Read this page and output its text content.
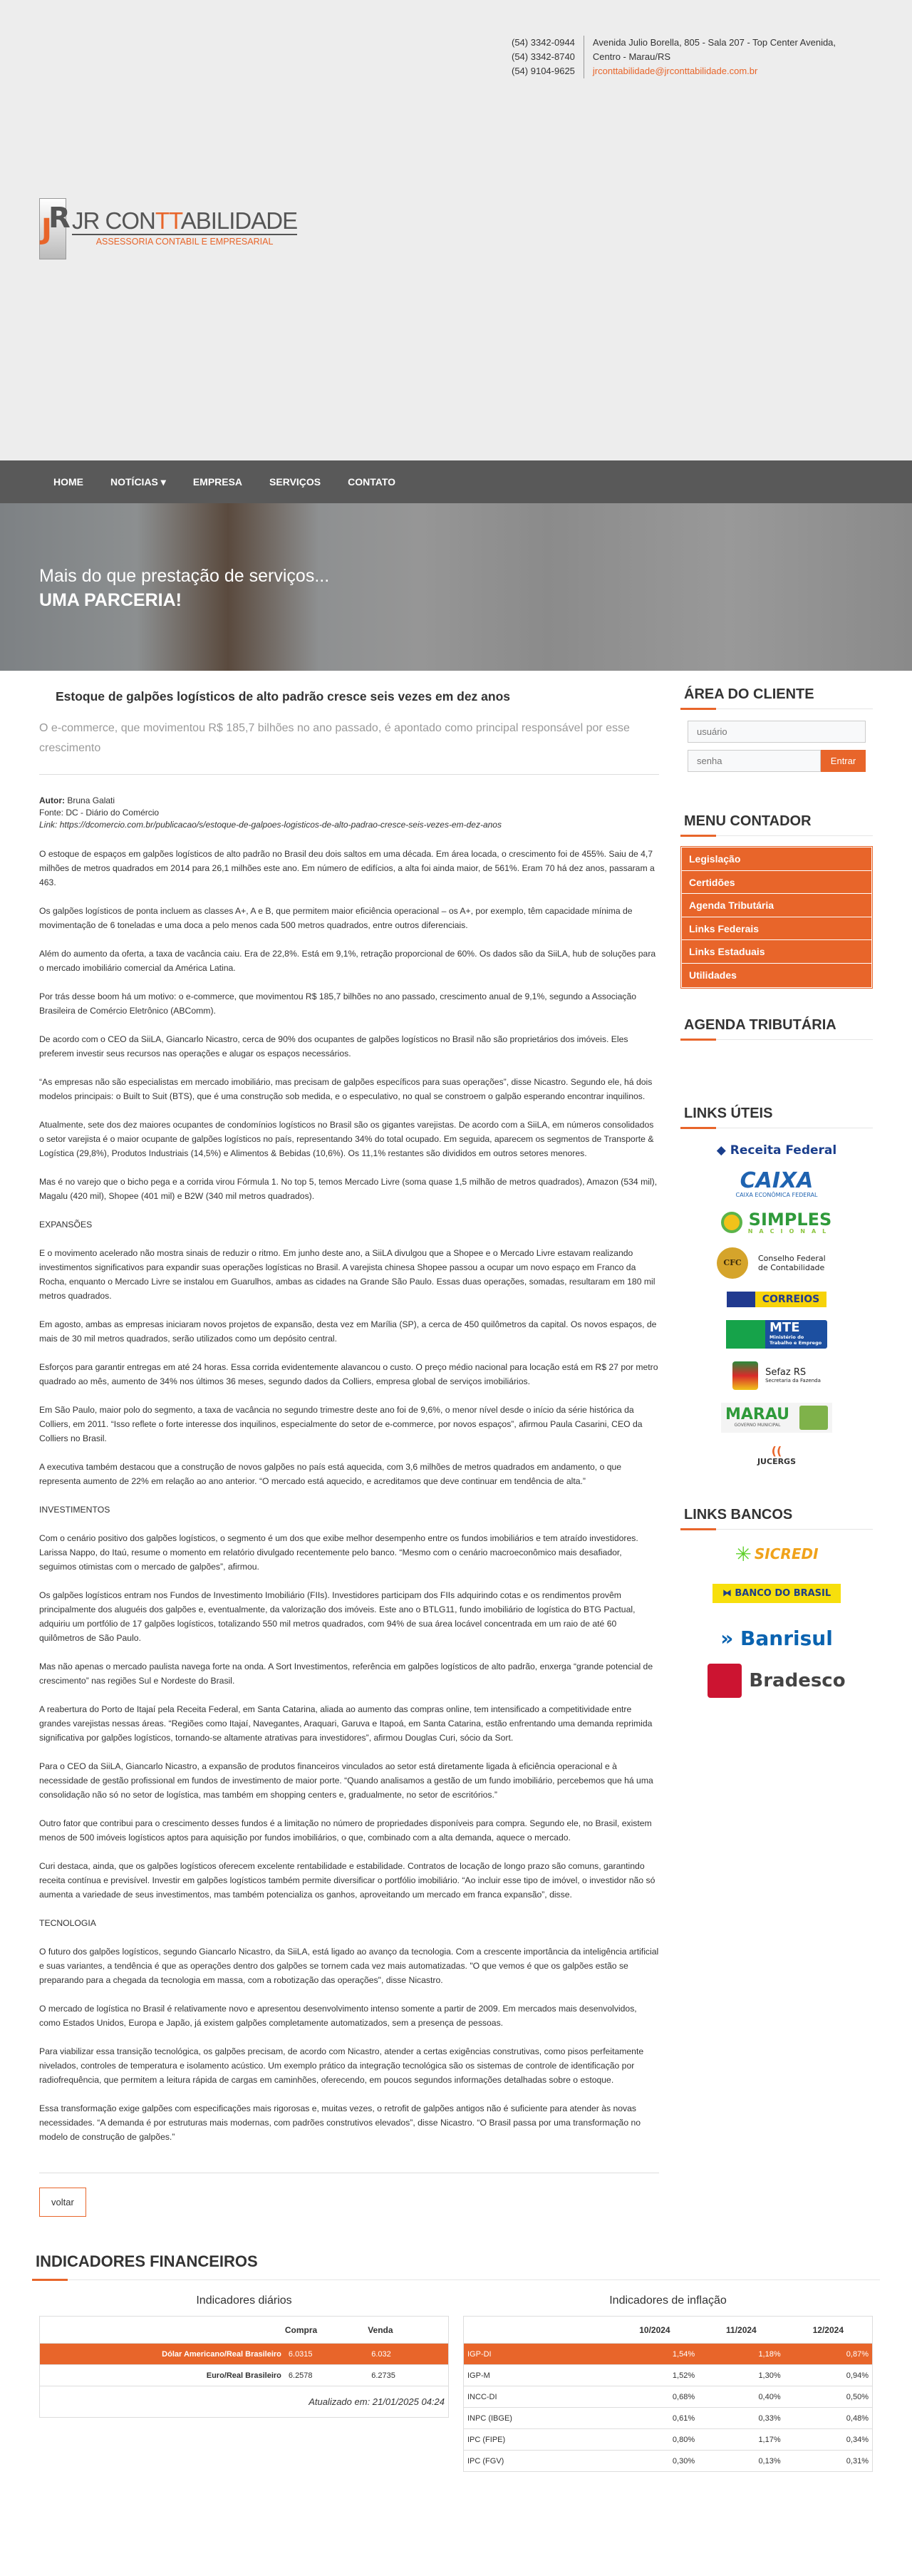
(54) 3342-0944
(54) 3342-8740
(54) 9104-9625
Avenida Julio Borella, 805 - Sala 207 - Top Center Avenida,
Centro - Marau/RS
jrconttabilidade@jrconttabilidade.com.br
R
J JR CONTTABILIDADE
ASSESSORIA CONTABIL E EMPRESARIAL
HOME	NOTÍCIAS ▾	EMPRESA	SERVIÇOS	CONTATO
Mais do que prestação de serviços...
UMA PARCERIA!
Estoque de galpões logísticos de alto padrão cresce seis vezes em dez anos

O e-commerce, que movimentou R$ 185,7 bilhões no ano passado, é apontado como principal responsável por esse crescimento

Autor: Bruna Galati
Fonte: DC - Diário do Comércio
Link: https://dcomercio.com.br/publicacao/s/estoque-de-galpoes-logisticos-de-alto-padrao-cresce-seis-vezes-em-dez-anos

O estoque de espaços em galpões logísticos de alto padrão no Brasil deu dois saltos em uma década. Em área locada, o crescimento foi de 455%. Saiu de 4,7 milhões de metros quadrados em 2014 para 26,1 milhões este ano. Em número de edifícios, a alta foi ainda maior, de 561%. Eram 70 há dez anos, passaram a 463.

Os galpões logísticos de ponta incluem as classes A+, A e B, que permitem maior eficiência operacional – os A+, por exemplo, têm capacidade mínima de movimentação de 6 toneladas e uma doca a pelo menos cada 500 metros quadrados, entre outros diferenciais.

Além do aumento da oferta, a taxa de vacância caiu. Era de 22,8%. Está em 9,1%, retração proporcional de 60%. Os dados são da SiiLA, hub de soluções para o mercado imobiliário comercial da América Latina.

Por trás desse boom há um motivo: o e-commerce, que movimentou R$ 185,7 bilhões no ano passado, crescimento anual de 9,1%, segundo a Associação Brasileira de Comércio Eletrônico (ABComm).

De acordo com o CEO da SiiLA, Giancarlo Nicastro, cerca de 90% dos ocupantes de galpões logísticos no Brasil não são proprietários dos imóveis. Eles preferem investir seus recursos nas operações e alugar os espaços necessários.

“As empresas não são especialistas em mercado imobiliário, mas precisam de galpões específicos para suas operações”, disse Nicastro. Segundo ele, há dois modelos principais: o Built to Suit (BTS), que é uma construção sob medida, e o especulativo, no qual se constroem o galpão esperando encontrar inquilinos.

Atualmente, sete dos dez maiores ocupantes de condomínios logísticos no Brasil são os gigantes varejistas. De acordo com a SiiLA, em números consolidados o setor varejista é o maior ocupante de galpões logísticos no país, representando 34% do total ocupado. Em seguida, aparecem os segmentos de Transporte & Logística (29,8%), Produtos Industriais (14,5%) e Alimentos & Bebidas (10,6%). Os 11,1% restantes são divididos em outros setores menores.

Mas é no varejo que o bicho pega e a corrida virou Fórmula 1. No top 5, temos Mercado Livre (soma quase 1,5 milhão de metros quadrados), Amazon (534 mil), Magalu (420 mil), Shopee (401 mil) e B2W (340 mil metros quadrados).

EXPANSÕES

E o movimento acelerado não mostra sinais de reduzir o ritmo. Em junho deste ano, a SiiLA divulgou que a Shopee e o Mercado Livre estavam realizando investimentos significativos para expandir suas operações logísticas no Brasil. A varejista chinesa Shopee passou a ocupar um novo espaço em Franco da Rocha, enquanto o Mercado Livre se instalou em Guarulhos, ambas as cidades na Grande São Paulo. Essas duas operações, somadas, resultaram em 180 mil metros quadrados.

Em agosto, ambas as empresas iniciaram novos projetos de expansão, desta vez em Marília (SP), a cerca de 450 quilômetros da capital. Os novos espaços, de mais de 30 mil metros quadrados, serão utilizados como um depósito central.

Esforços para garantir entregas em até 24 horas. Essa corrida evidentemente alavancou o custo. O preço médio nacional para locação está em R$ 27 por metro quadrado ao mês, aumento de 34% nos últimos 36 meses, segundo dados da Colliers, empresa global de serviços imobiliários.

Em São Paulo, maior polo do segmento, a taxa de vacância no segundo trimestre deste ano foi de 9,6%, o menor nível desde o início da série histórica da Colliers, em 2011. “Isso reflete o forte interesse dos inquilinos, especialmente do setor de e-commerce, por novos espaços”, afirmou Paula Casarini, CEO da Colliers no Brasil.

A executiva também destacou que a construção de novos galpões no país está aquecida, com 3,6 milhões de metros quadrados em andamento, o que representa aumento de 22% em relação ao ano anterior. “O mercado está aquecido, e acreditamos que deve continuar em tendência de alta.”

INVESTIMENTOS

Com o cenário positivo dos galpões logísticos, o segmento é um dos que exibe melhor desempenho entre os fundos imobiliários e tem atraído investidores. Larissa Nappo, do Itaú, resume o momento em relatório divulgado recentemente pelo banco. “Mesmo com o cenário macroeconômico mais desafiador, seguimos otimistas com o mercado de galpões”, afirmou.

Os galpões logísticos entram nos Fundos de Investimento Imobiliário (FIIs). Investidores participam dos FIIs adquirindo cotas e os rendimentos provêm principalmente dos aluguéis dos galpões e, eventualmente, da valorização dos imóveis. Este ano o BTLG11, fundo imobiliário de logística do BTG Pactual, adquiriu um portfólio de 17 galpões logísticos, totalizando 550 mil metros quadrados, com 94% de sua área locável concentrada em um raio de até 60 quilômetros de São Paulo.

Mas não apenas o mercado paulista navega forte na onda. A Sort Investimentos, referência em galpões logísticos de alto padrão, enxerga “grande potencial de crescimento” nas regiões Sul e Nordeste do Brasil.

A reabertura do Porto de Itajaí pela Receita Federal, em Santa Catarina, aliada ao aumento das compras online, tem intensificado a competitividade entre grandes varejistas nessas áreas. “Regiões como Itajaí, Navegantes, Araquari, Garuva e Itapoá, em Santa Catarina, estão enfrentando uma demanda reprimida significativa por galpões logísticos, tornando-se altamente atrativas para investidores”, afirmou Douglas Curi, sócio da Sort.

Para o CEO da SiiLA, Giancarlo Nicastro, a expansão de produtos financeiros vinculados ao setor está diretamente ligada à eficiência operacional e à necessidade de gestão profissional em fundos de investimento de maior porte. “Quando analisamos a gestão de um fundo imobiliário, percebemos que há uma consolidação não só no setor de logística, mas também em shopping centers e, gradualmente, no setor de escritórios.”

Outro fator que contribui para o crescimento desses fundos é a limitação no número de propriedades disponíveis para compra. Segundo ele, no Brasil, existem menos de 500 imóveis logísticos aptos para aquisição por fundos imobiliários, o que, combinado com a alta demanda, aquece o mercado.

Curi destaca, ainda, que os galpões logísticos oferecem excelente rentabilidade e estabilidade. Contratos de locação de longo prazo são comuns, garantindo receita contínua e previsível. Investir em galpões logísticos também permite diversificar o portfólio imobiliário. “Ao incluir esse tipo de imóvel, o investidor não só aumenta a variedade de seus investimentos, mas também potencializa os ganhos, aproveitando um mercado em franca expansão”, disse.

TECNOLOGIA

O futuro dos galpões logísticos, segundo Giancarlo Nicastro, da SiiLA, está ligado ao avanço da tecnologia. Com a crescente importância da inteligência artificial e suas variantes, a tendência é que as operações dentro dos galpões se tornem cada vez mais automatizadas. "O que vemos é que os galpões estão se preparando para a chegada da tecnologia em massa, com a robotização das operações", disse Nicastro.

O mercado de logística no Brasil é relativamente novo e apresentou desenvolvimento intenso somente a partir de 2009. Em mercados mais desenvolvidos, como Estados Unidos, Europa e Japão, já existem galpões completamente automatizados, sem a presença de pessoas.

Para viabilizar essa transição tecnológica, os galpões precisam, de acordo com Nicastro, atender a certas exigências construtivas, como pisos perfeitamente nivelados, controles de temperatura e isolamento acústico. Um exemplo prático da integração tecnológica são os sistemas de controle de identificação por radiofrequência, que permitem a leitura rápida de cargas em caminhões, oferecendo, em poucos segundos informações detalhadas sobre o estoque.

Essa transformação exige galpões com especificações mais rigorosas e, muitas vezes, o retrofit de galpões antigos não é suficiente para atender às novas necessidades. “A demanda é por estruturas mais modernas, com padrões construtivos elevados”, disse Nicastro. “O Brasil passa por uma transformação no modelo de construção de galpões.”

voltar
ÁREA DO CLIENTE
usuário
Entrar
MENU CONTADOR
Legislação
Certidões
Agenda Tributária
Links Federais
Links Estaduais
Utilidades
AGENDA TRIBUTÁRIA
LINKS ÚTEIS
◆ Receita Federal
CAIXA
CAIXA ECONÔMICA FEDERAL
SIMPLES
NACIONAL
CFC	Conselho Federal de Contabilidade
CORREIOS
MTE
Ministério do Trabalho e Emprego
Sefaz RS
Secretaria da Fazenda
MARAU
GOVERNO MUNICIPAL
((
JUCERGS
LINKS BANCOS
✳ SICREDI
⧓ BANCO DO BRASIL
» Banrisul
Bradesco
INDICADORES FINANCEIROS
Indicadores diários
	Compra	Venda
Dólar Americano/Real Brasileiro	6.0315	6.032
Euro/Real Brasileiro	6.2578	6.2735
Atualizado em: 21/01/2025 04:24		
Indicadores de inflação
	10/2024	11/2024	12/2024
IGP-DI	1,54%	1,18%	0,87%
IGP-M	1,52%	1,30%	0,94%
INCC-DI	0,68%	0,40%	0,50%
INPC (IBGE)	0,61%	0,33%	0,48%
IPC (FIPE)	0,80%	1,17%	0,34%
IPC (FGV)	0,30%	0,13%	0,31%
